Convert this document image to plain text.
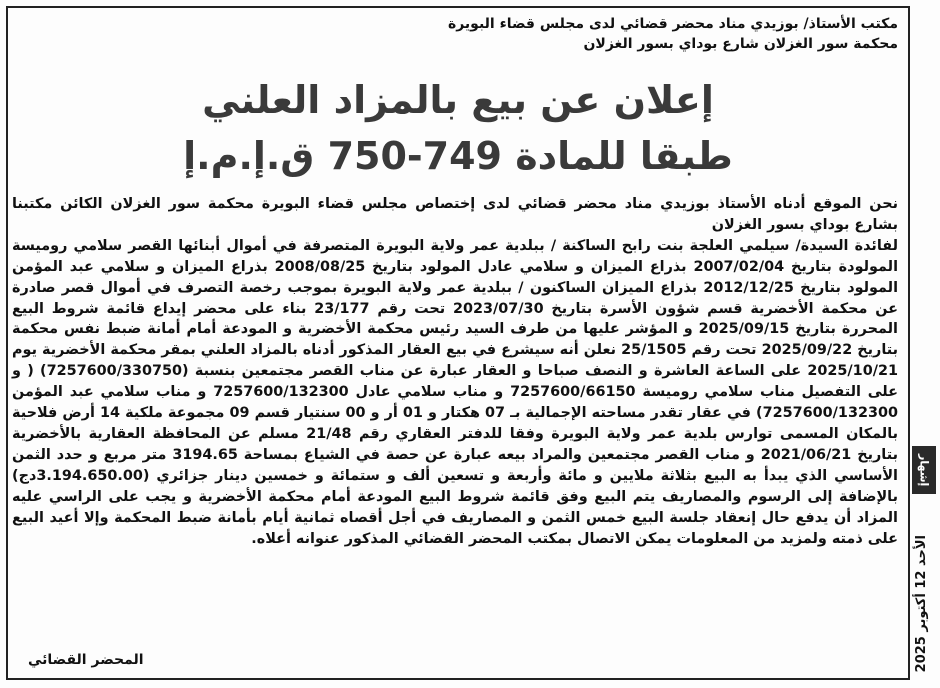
مكتب الأستاذ/ بوزيدي مناد محضر قضائي لدى مجلس قضاء البويرة
محكمة سور الغزلان شارع بوداي بسور الغزلان
إعلان عن بيع بالمزاد العلني
طبقا للمادة 749-750 ق.إ.م.إ

نحن الموقع أدناه الأستاذ بوزيدي مناد محضر قضائي لدى إختصاص مجلس قضاء البويرة محكمة سور الغزلان الكائن مكتبنا بشارع بوداي بسور الغزلان

لفائدة السيدة/ سيلمي العلجة بنت رابح الساكنة / ببلدية عمر ولاية البويرة المتصرفة في أموال أبنائها القصر سلامي روميسة المولودة بتاريخ 2007/02/04 بذراع الميزان و سلامي عادل المولود بتاريخ 2008/08/25 بذراع الميزان و سلامي عبد المؤمن المولود بتاريخ 2012/12/25 بذراع الميزان الساكنون / ببلدية عمر ولاية البويرة بموجب رخصة التصرف في أموال قصر صادرة عن محكمة الأخضرية قسم شؤون الأسرة بتاريخ 2023/07/30 تحت رقم 23/177 بناء على محضر إيداع قائمة شروط البيع المحررة بتاريخ 2025/09/15 و المؤشر عليها من طرف السيد رئيس محكمة الأخضرية و المودعة أمام أمانة ضبط نفس محكمة بتاريخ 2025/09/22 تحت رقم 25/1505 نعلن أنه سيشرع في بيع العقار المذكور أدناه بالمزاد العلني بمقر محكمة الأخضرية يوم 2025/10/21 على الساعة العاشرة و النصف صباحا و العقار عبارة عن مناب القصر مجتمعين بنسبة (7257600/330750) ( و على التفصيل مناب سلامي روميسة 7257600/66150 و مناب سلامي عادل 7257600/132300 و مناب سلامي عبد المؤمن 7257600/132300) في عقار تقدر مساحته الإجمالية بـ 07 هكتار و 01 أر و 00 سنتيار قسم 09 مجموعة ملكية 14 أرض فلاحية بالمكان المسمى توارس بلدية عمر ولاية البويرة وفقا للدفتر العقاري رقم 21/48 مسلم عن المحافظة العقارية بالأخضرية بتاريخ 2021/06/21 و مناب القصر مجتمعين والمراد بيعه عبارة عن حصة في الشياع بمساحة 3194.65 متر مربع و حدد الثمن الأساسي الذي يبدأ به البيع بثلاثة ملايين و مائة وأربعة و تسعين ألف و ستمائة و خمسين دينار جزائري (3.194.650.00دج) بالإضافة إلى الرسوم والمصاريف يتم البيع وفق قائمة شروط البيع المودعة أمام محكمة الأخضرية و يجب على الراسي عليه المزاد أن يدفع حال إنعقاد جلسة البيع خمس الثمن و المصاريف في أجل أقصاه ثمانية أيام بأمانة ضبط المحكمة وإلا أعيد البيع على ذمته ولمزيد من المعلومات يمكن الاتصال بمكتب المحضر القضائي المذكور عنوانه أعلاه.

المحضر القضائي
إشهار
الأحد 12 أكتوبر 2025
